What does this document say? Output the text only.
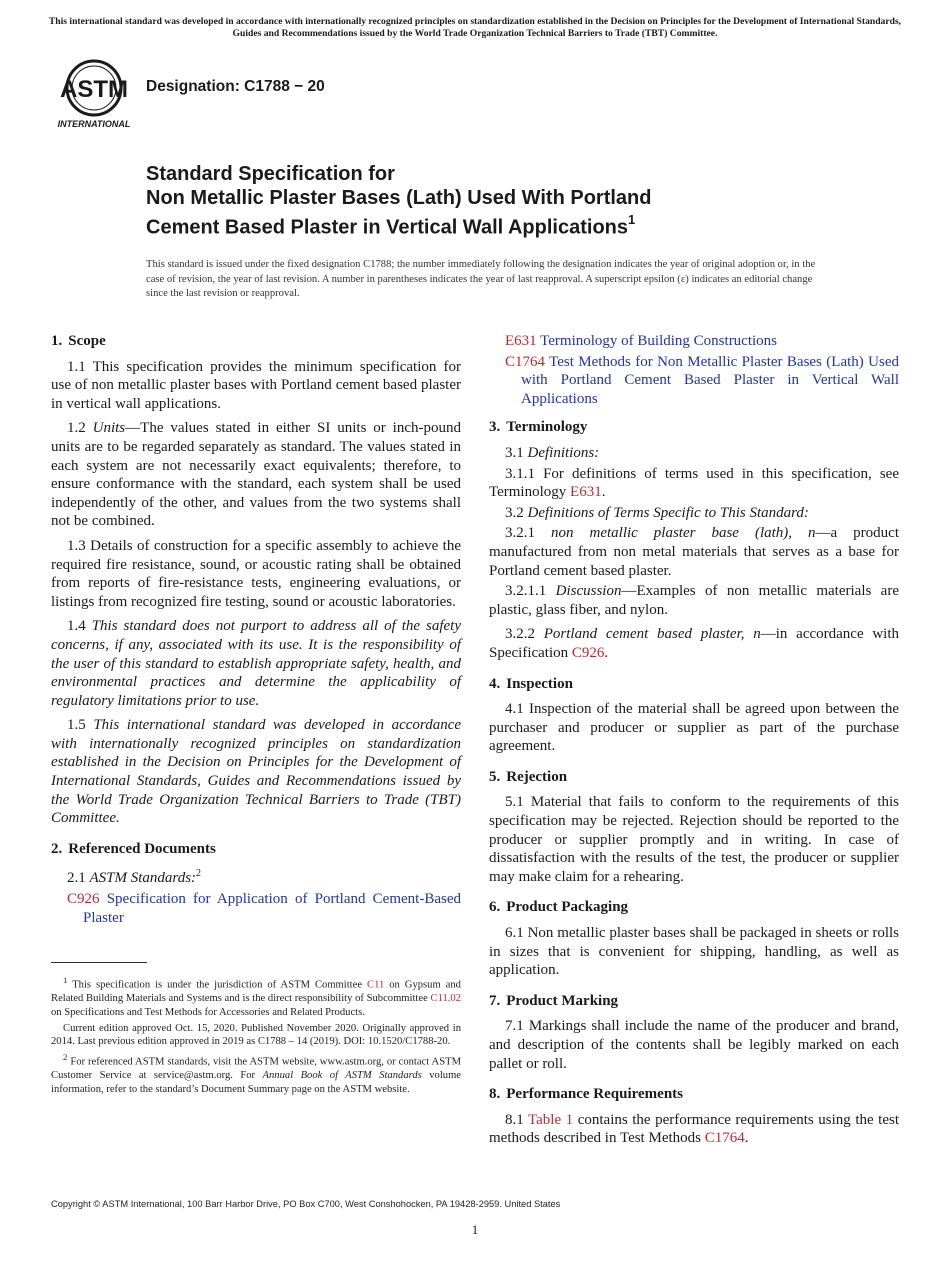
This international standard was developed in accordance with internationally recognized principles on standardization established in the Decision on Principles for the Development of International Standards, Guides and Recommendations issued by the World Trade Organization Technical Barriers to Trade (TBT) Committee.
ASTM
INTERNATIONAL
Designation: C1788 − 20
Standard Specification for
Non Metallic Plaster Bases (Lath) Used With Portland
Cement Based Plaster in Vertical Wall Applications$^1$
This standard is issued under the fixed designation C1788; the number immediately following the designation indicates the year of original adoption or, in the case of revision, the year of last revision. A number in parentheses indicates the year of last reapproval. A superscript epsilon (ε) indicates an editorial change since the last revision or reapproval.
1. Scope

1.1 This specification provides the minimum specification for use of non metallic plaster bases with Portland cement based plaster in vertical wall applications.

1.2 Units—The values stated in either SI units or inch-pound units are to be regarded separately as standard. The values stated in each system are not necessarily exact equivalents; therefore, to ensure conformance with the standard, each system shall be used independently of the other, and values from the two systems shall not be combined.

1.3 Details of construction for a specific assembly to achieve the required fire resistance, sound, or acoustic rating shall be obtained from reports of fire-resistance tests, engineering evaluations, or listings from recognized fire testing, sound or acoustic laboratories.

1.4 This standard does not purport to address all of the safety concerns, if any, associated with its use. It is the responsibility of the user of this standard to establish appropriate safety, health, and environmental practices and determine the applicability of regulatory limitations prior to use.

1.5 This international standard was developed in accordance with internationally recognized principles on standardization established in the Decision on Principles for the Development of International Standards, Guides and Recommendations issued by the World Trade Organization Technical Barriers to Trade (TBT) Committee.

2. Referenced Documents

2.1 ASTM Standards:$^2$

C926 Specification for Application of Portland Cement-Based Plaster

$^1$ This specification is under the jurisdiction of ASTM Committee C11 on Gypsum and Related Building Materials and Systems and is the direct responsibility of Subcommittee C11.02 on Specifications and Test Methods for Accessories and Related Products.

Current edition approved Oct. 15, 2020. Published November 2020. Originally approved in 2014. Last previous edition approved in 2019 as C1788 – 14 (2019). DOI: 10.1520/C1788-20.

$^2$ For referenced ASTM standards, visit the ASTM website, www.astm.org, or contact ASTM Customer Service at service@astm.org. For Annual Book of ASTM Standards volume information, refer to the standard’s Document Summary page on the ASTM website.

E631 Terminology of Building Constructions
C1764 Test Methods for Non Metallic Plaster Bases (Lath) Used with Portland Cement Based Plaster in Vertical Wall Applications
3. Terminology

3.1 Definitions:

3.1.1 For definitions of terms used in this specification, see Terminology E631.

3.2 Definitions of Terms Specific to This Standard:

3.2.1 non metallic plaster base (lath), n—a product manufactured from non metal materials that serves as a base for Portland cement based plaster.

3.2.1.1 Discussion—Examples of non metallic materials are plastic, glass fiber, and nylon.

3.2.2 Portland cement based plaster, n—in accordance with Specification C926.

4. Inspection

4.1 Inspection of the material shall be agreed upon between the purchaser and producer or supplier as part of the purchase agreement.

5. Rejection

5.1 Material that fails to conform to the requirements of this specification may be rejected. Rejection should be reported to the producer or supplier promptly and in writing. In case of dissatisfaction with the results of the test, the producer or supplier may make claim for a rehearing.

6. Product Packaging

6.1 Non metallic plaster bases shall be packaged in sheets or rolls in sizes that is convenient for shipping, handling, as well as application.

7. Product Marking

7.1 Markings shall include the name of the producer and brand, and description of the contents shall be legibly marked on each pallet or roll.

8. Performance Requirements

8.1 Table 1 contains the performance requirements using the test methods described in Test Methods C1764.

Copyright © ASTM International, 100 Barr Harbor Drive, PO Box C700, West Conshohocken, PA 19428-2959. United States
1
